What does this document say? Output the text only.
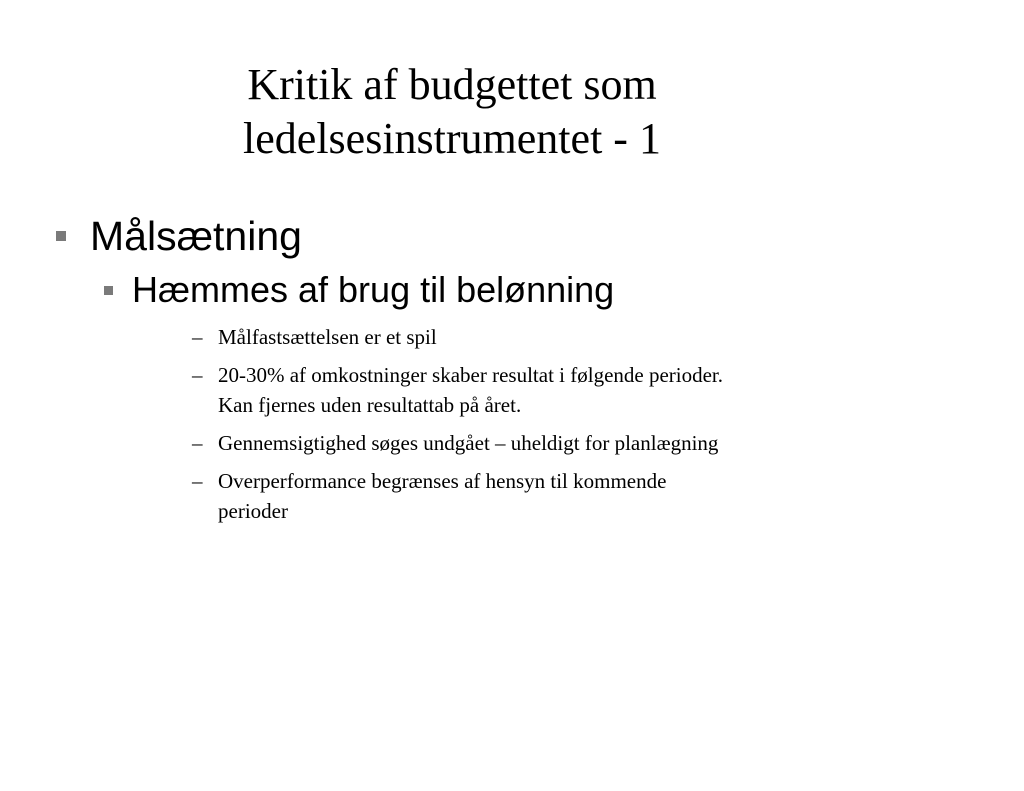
Kritik af budgettet som
ledelsesinstrumentet - 1
Målsætning
Hæmmes af brug til belønning
– Målfastsættelsen er et spil
– 20-30% af omkostninger skaber resultat i følgende perioder.
Kan fjernes uden resultattab på året.
– Gennemsigtighed søges undgået – uheldigt for planlægning
– Overperformance begrænses af hensyn til kommende
perioder
